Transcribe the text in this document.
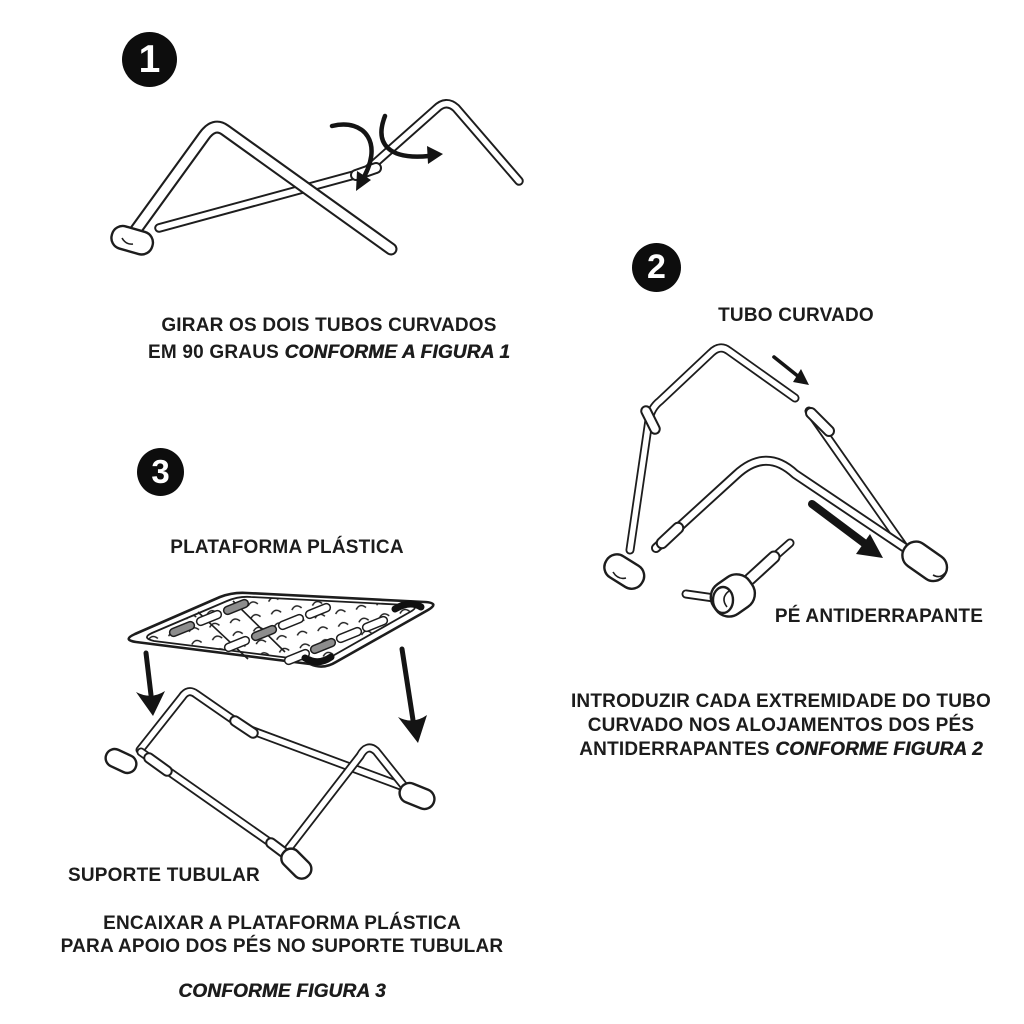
1
GIRAR OS DOIS TUBOS CURVADOS
EM 90 GRAUS CONFORME A FIGURA 1
2
TUBO CURVADO
PÉ ANTIDERRAPANTE
INTRODUZIR CADA EXTREMIDADE DO TUBO
CURVADO NOS ALOJAMENTOS DOS PÉS
ANTIDERRAPANTES CONFORME FIGURA 2
3
PLATAFORMA PLÁSTICA
SUPORTE TUBULAR
ENCAIXAR A PLATAFORMA PLÁSTICA
PARA APOIO DOS PÉS NO SUPORTE TUBULAR
CONFORME FIGURA 3
